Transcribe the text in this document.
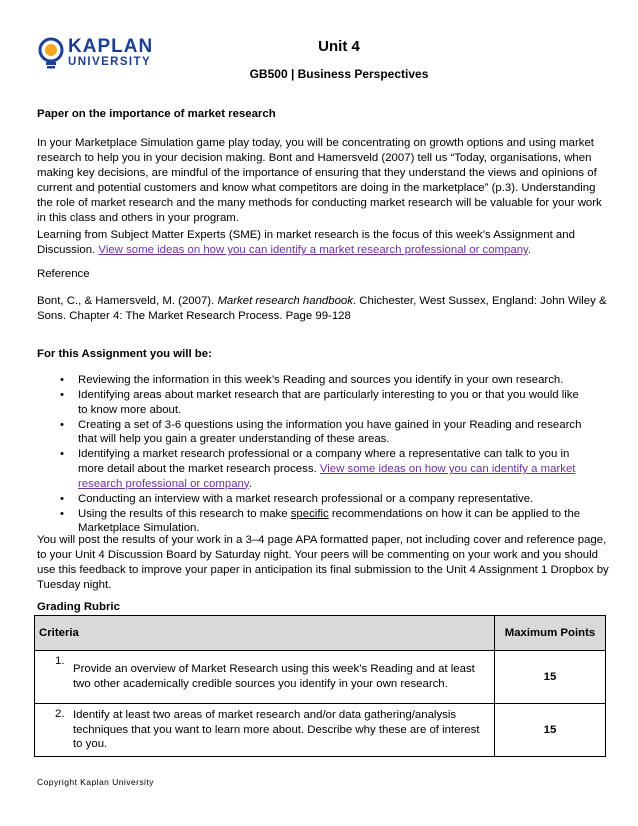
KAPLAN
UNIVERSITY
Unit 4
GB500 | Business Perspectives

Paper on the importance of market research

In your Marketplace Simulation game play today, you will be concentrating on growth options and using market research to help you in your decision making. Bont and Hamersveld (2007) tell us “Today, organisations, when making key decisions, are mindful of the importance of ensuring that they understand the views and opinions of current and potential customers and know what competitors are doing in the marketplace” (p.3). Understanding the role of market research and the many methods for conducting market research will be valuable for your work in this class and others in your program.

Learning from Subject Matter Experts (SME) in market research is the focus of this week’s Assignment and Discussion. View some ideas on how you can identify a market research professional or company.

Reference

Bont, C., & Hamersveld, M. (2007). Market research handbook. Chichester, West Sussex, England: John Wiley & Sons. Chapter 4: The Market Research Process. Page 99-128

For this Assignment you will be:

• Reviewing the information in this week’s Reading and sources you identify in your own research.
• Identifying areas about market research that are particularly interesting to you or that you would like to know more about.
• Creating a set of 3-6 questions using the information you have gained in your Reading and research that will help you gain a greater understanding of these areas.
• Identifying a market research professional or a company where a representative can talk to you in more detail about the market research process. View some ideas on how you can identify a market research professional or company.
• Conducting an interview with a market research professional or a company representative.
• Using the results of this research to make specific recommendations on how it can be applied to the Marketplace Simulation.

You will post the results of your work in a 3–4 page APA formatted paper, not including cover and reference page, to your Unit 4 Discussion Board by Saturday night. Your peers will be commenting on your work and you should use this feedback to improve your paper in anticipation its final submission to the Unit 4 Assignment 1 Dropbox by Tuesday night.

Grading Rubric

Criteria	Maximum Points

1.
Provide an overview of Market Research using this week’s Reading and at least two other academically credible sources you identify in your own research.	15

2. Identify at least two areas of market research and/or data gathering/analysis techniques that you want to learn more about. Describe why these are of interest to you.	15
Copyright Kaplan University
